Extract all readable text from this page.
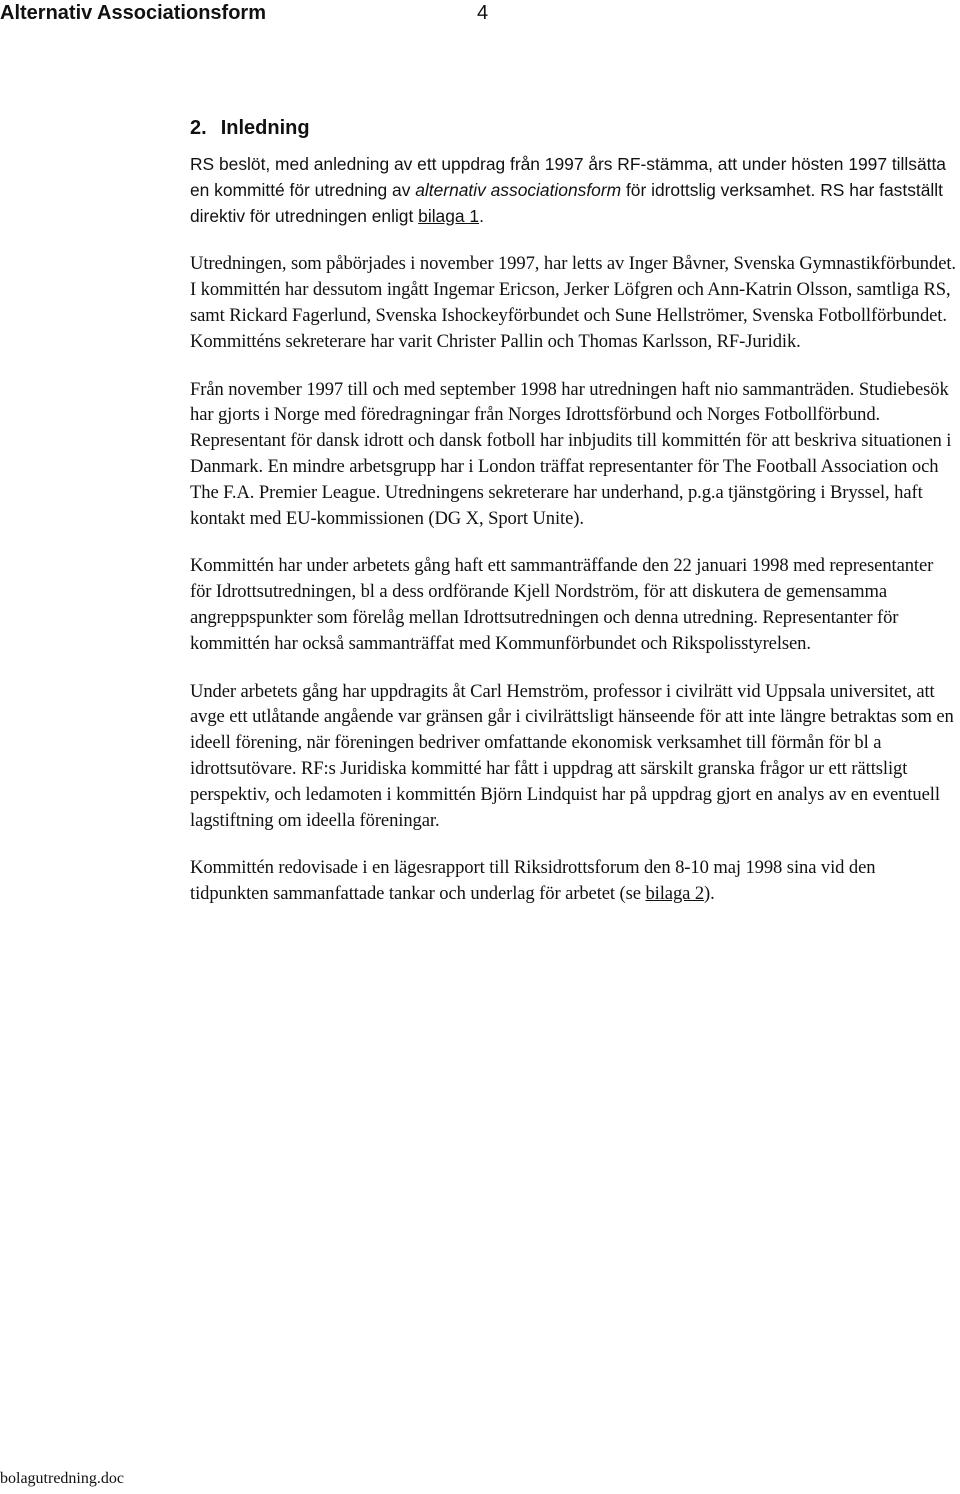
Alternativ Associationsform	4
2. Inledning

RS beslöt, med anledning av ett uppdrag från 1997 års RF-stämma, att under hösten 1997 tillsätta en kommitté för utredning av alternativ associationsform för idrottslig verksamhet. RS har fastställt direktiv för utredningen enligt bilaga 1.

Utredningen, som påbörjades i november 1997, har letts av Inger Båvner, Svenska Gymnastikförbundet. I kommittén har dessutom ingått Ingemar Ericson, Jerker Löfgren och Ann-Katrin Olsson, samtliga RS, samt Rickard Fagerlund, Svenska Ishockeyförbundet och Sune Hellströmer, Svenska Fotbollförbundet. Kommitténs sekreterare har varit Christer Pallin och Thomas Karlsson, RF-Juridik.

Från november 1997 till och med september 1998 har utredningen haft nio sammanträden. Studiebesök har gjorts i Norge med föredragningar från Norges Idrottsförbund och Norges Fotbollförbund. Representant för dansk idrott och dansk fotboll har inbjudits till kommittén för att beskriva situationen i Danmark. En mindre arbetsgrupp har i London träffat representanter för The Football Association och The F.A. Premier League. Utredningens sekreterare har underhand, p.g.a tjänstgöring i Bryssel, haft kontakt med EU-kommissionen (DG X, Sport Unite).

Kommittén har under arbetets gång haft ett sammanträffande den 22 januari 1998 med representanter för Idrottsutredningen, bl a dess ordförande Kjell Nordström, för att diskutera de gemensamma angreppspunkter som förelåg mellan Idrottsutredningen och denna utredning. Representanter för kommittén har också sammanträffat med Kommunförbundet och Rikspolisstyrelsen.

Under arbetets gång har uppdragits åt Carl Hemström, professor i civilrätt vid Uppsala universitet, att avge ett utlåtande angående var gränsen går i civilrättsligt hänseende för att inte längre betraktas som en ideell förening, när föreningen bedriver omfattande ekonomisk verksamhet till förmån för bl a idrottsutövare. RF:s Juridiska kommitté har fått i uppdrag att särskilt granska frågor ur ett rättsligt perspektiv, och ledamoten i kommittén Björn Lindquist har på uppdrag gjort en analys av en eventuell lagstiftning om ideella föreningar.

Kommittén redovisade i en lägesrapport till Riksidrottsforum den 8-10 maj 1998 sina vid den tidpunkten sammanfattade tankar och underlag för arbetet (se bilaga 2).

bolagutredning.doc
